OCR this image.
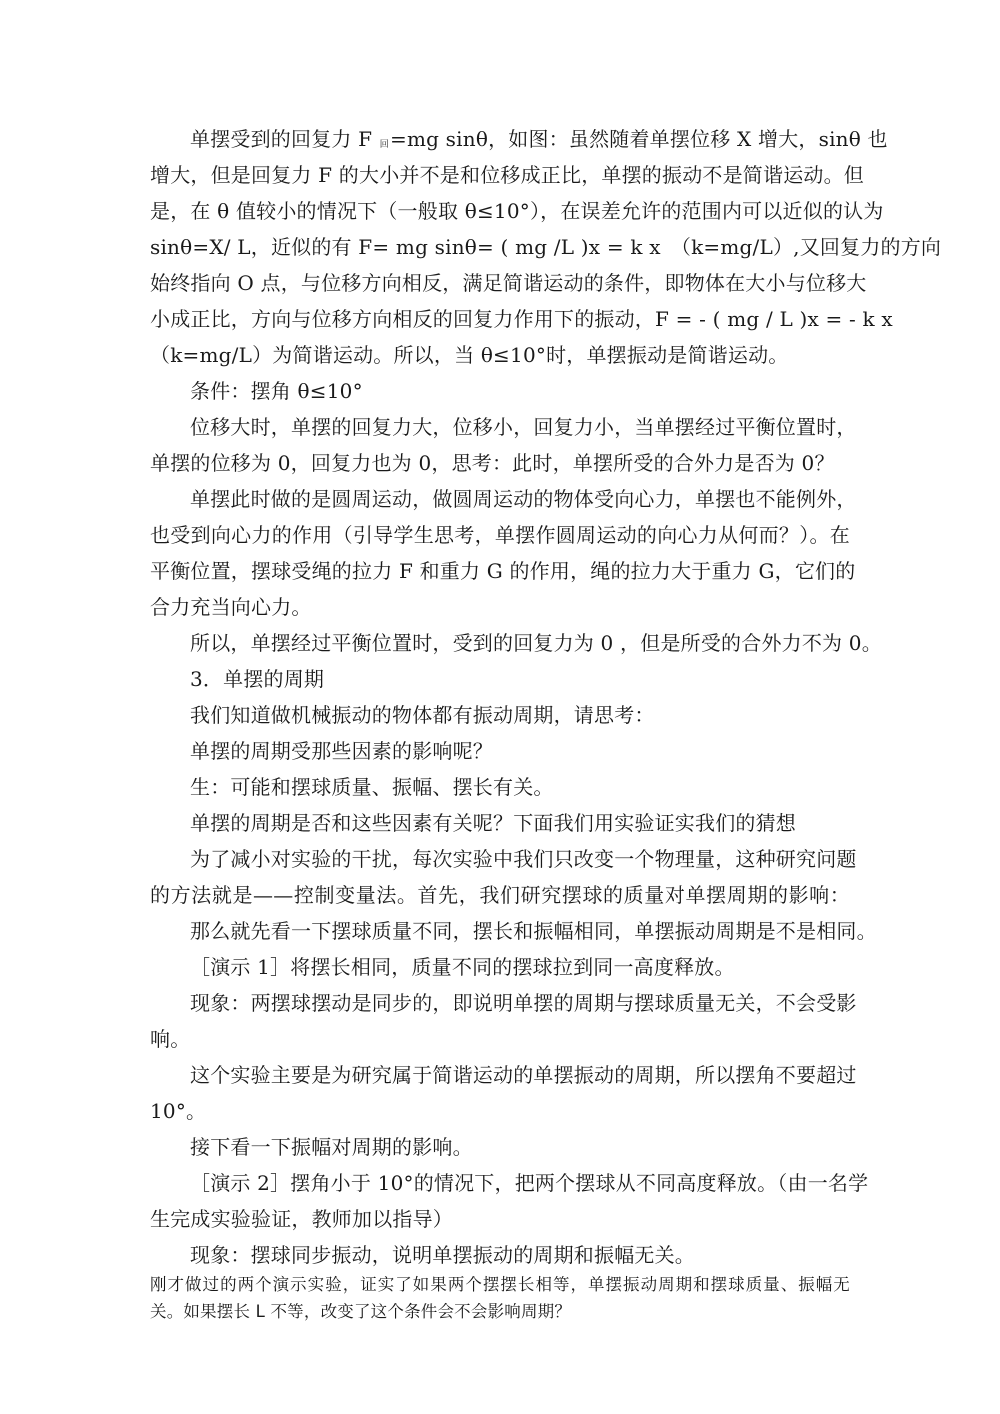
单摆受到的回复力 F 回=mg sinθ，如图：虽然随着单摆位移 X 增大，sinθ 也
增大，但是回复力 F 的大小并不是和位移成正比，单摆的振动不是简谐运动。但
是，在 θ 值较小的情况下（一般取 θ≤10°），在误差允许的范围内可以近似的认为
sinθ=X/ L，近似的有 F= mg sinθ= ( mg /L )x = k x　（k=mg/L）,又回复力的方向
始终指向 O 点，与位移方向相反，满足简谐运动的条件，即物体在大小与位移大
小成正比，方向与位移方向相反的回复力作用下的振动，F = - ( mg / L )x = - k x
（k=mg/L）为简谐运动。所以，当 θ≤10°时，单摆振动是简谐运动。
条件：摆角 θ≤10°
位移大时，单摆的回复力大，位移小，回复力小，当单摆经过平衡位置时，
单摆的位移为 0，回复力也为 0，思考：此时，单摆所受的合外力是否为 0？
单摆此时做的是圆周运动，做圆周运动的物体受向心力，单摆也不能例外，
也受到向心力的作用（引导学生思考，单摆作圆周运动的向心力从何而？）。在
平衡位置，摆球受绳的拉力 F 和重力 G 的作用，绳的拉力大于重力 G，它们的
合力充当向心力。
所以，单摆经过平衡位置时，受到的回复力为 0 ，但是所受的合外力不为 0。
3．单摆的周期
我们知道做机械振动的物体都有振动周期，请思考：
单摆的周期受那些因素的影响呢？
生：可能和摆球质量、振幅、摆长有关。
单摆的周期是否和这些因素有关呢？下面我们用实验证实我们的猜想
为了减小对实验的干扰，每次实验中我们只改变一个物理量，这种研究问题
的方法就是——控制变量法。首先，我们研究摆球的质量对单摆周期的影响：
那么就先看一下摆球质量不同，摆长和振幅相同，单摆振动周期是不是相同。
［演示 1］将摆长相同，质量不同的摆球拉到同一高度释放。
现象：两摆球摆动是同步的，即说明单摆的周期与摆球质量无关，不会受影
响。
这个实验主要是为研究属于简谐运动的单摆振动的周期，所以摆角不要超过
10°。
接下看一下振幅对周期的影响。
［演示 2］摆角小于 10°的情况下，把两个摆球从不同高度释放。（由一名学
生完成实验验证，教师加以指导）
现象：摆球同步振动，说明单摆振动的周期和振幅无关。
刚才做过的两个演示实验，证实了如果两个摆摆长相等，单摆振动周期和摆球质量、振幅无
关。如果摆长 L 不等，改变了这个条件会不会影响周期？
